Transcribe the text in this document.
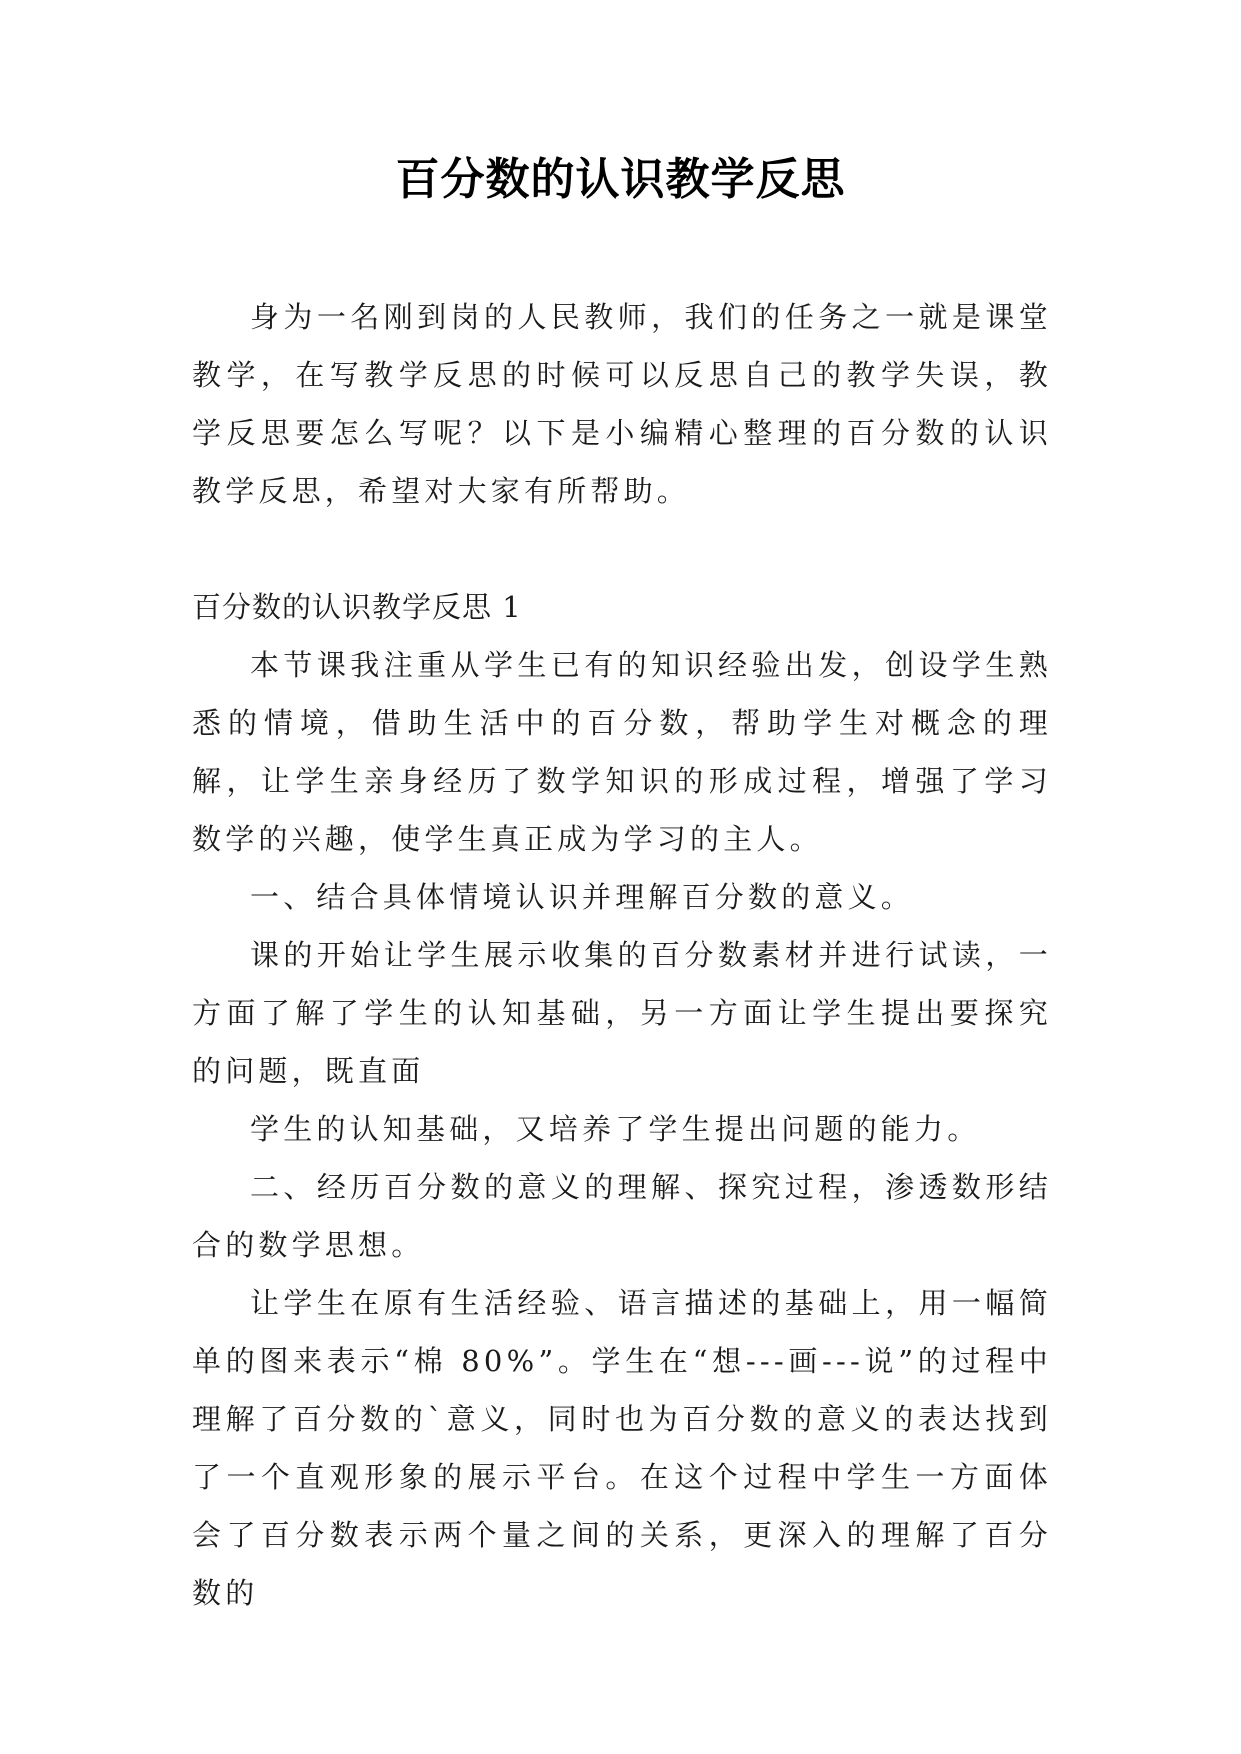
百分数的认识教学反思

身为一名刚到岗的人民教师，我们的任务之一就是课堂教学，在写教学反思的时候可以反思自己的教学失误，教学反思要怎么写呢？以下是小编精心整理的百分数的认识教学反思，希望对大家有所帮助。

百分数的认识教学反思 1

本节课我注重从学生已有的知识经验出发，创设学生熟悉的情境，借助生活中的百分数，帮助学生对概念的理解，让学生亲身经历了数学知识的形成过程，增强了学习数学的兴趣，使学生真正成为学习的主人。

一、结合具体情境认识并理解百分数的意义。

课的开始让学生展示收集的百分数素材并进行试读，一方面了解了学生的认知基础，另一方面让学生提出要探究的问题，既直面

学生的认知基础，又培养了学生提出问题的能力。

二、经历百分数的意义的理解、探究过程，渗透数形结合的数学思想。

让学生在原有生活经验、语言描述的基础上，用一幅简单的图来表示“棉 80%”。学生在“想---画---说”的过程中理解了百分数的`意义，同时也为百分数的意义的表达找到了一个直观形象的展示平台。在这个过程中学生一方面体会了百分数表示两个量之间的关系，更深入的理解了百分数的
